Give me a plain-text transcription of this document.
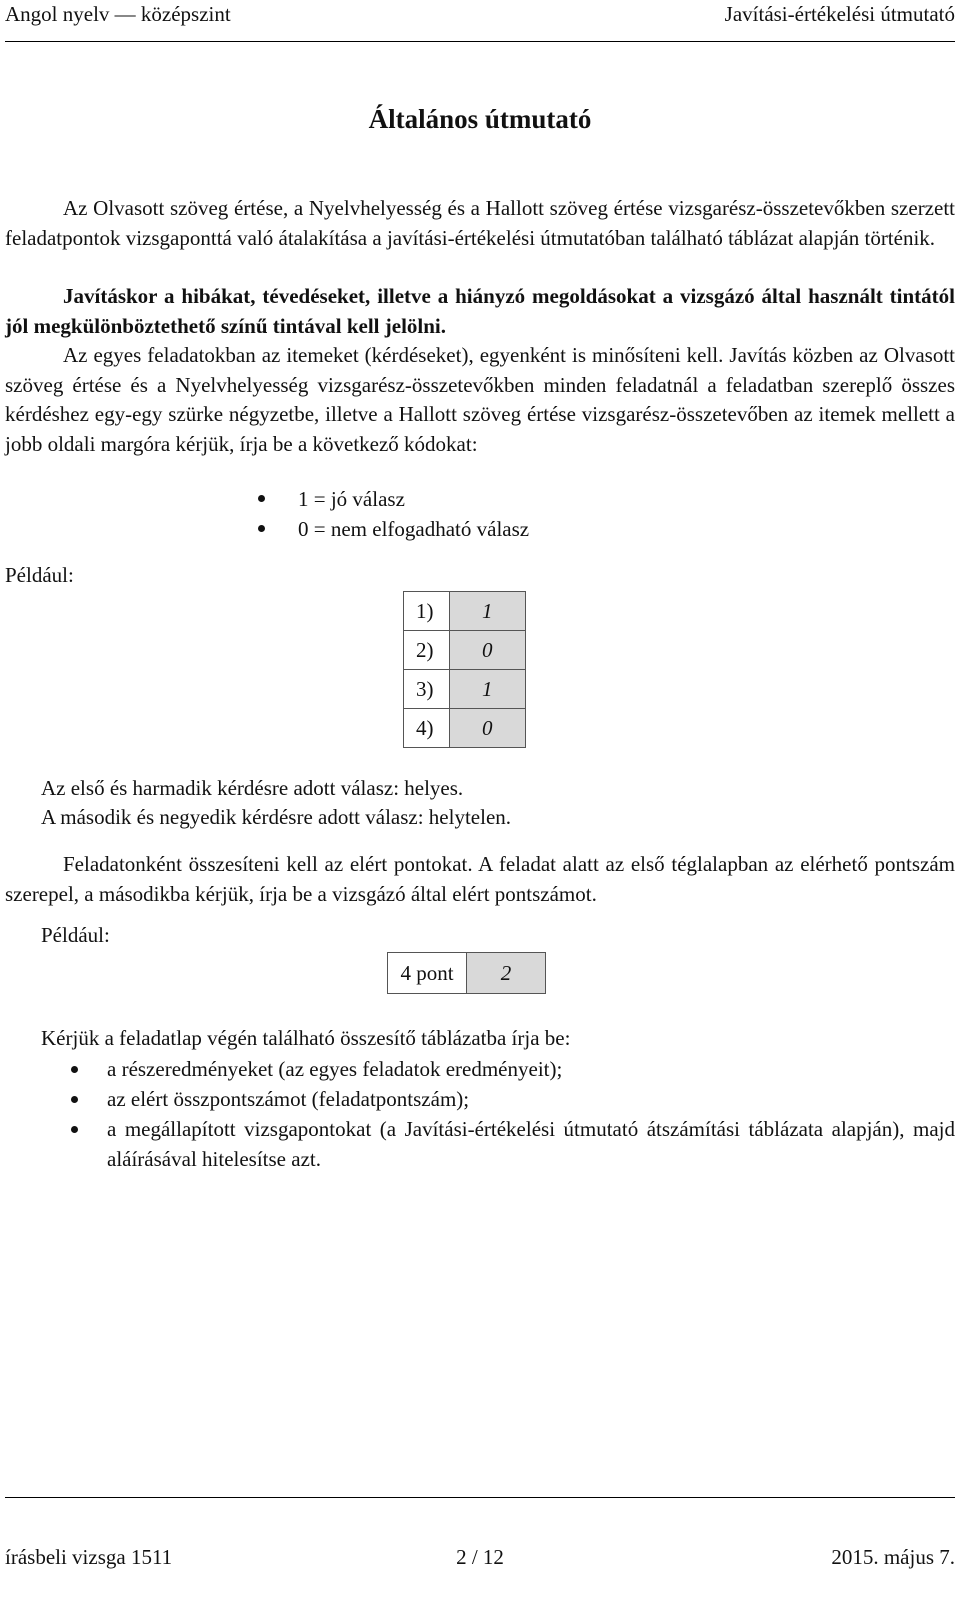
Angol nyelv — középszint	Javítási-értékelési útmutató
Általános útmutató

Az Olvasott szöveg értése, a Nyelvhelyesség és a Hallott szöveg értése vizsgarész-összetevőkben szerzett feladatpontok vizsgaponttá való átalakítása a javítási-értékelési útmutatóban található táblázat alapján történik.

Javításkor a hibákat, tévedéseket, illetve a hiányzó megoldásokat a vizsgázó által használt tintától jól megkülönböztethető színű tintával kell jelölni.

Az egyes feladatokban az itemeket (kérdéseket), egyenként is minősíteni kell. Javítás közben az Olvasott szöveg értése és a Nyelvhelyesség vizsgarész-összetevőkben minden feladatnál a feladatban szereplő összes kérdéshez egy-egy szürke négyzetbe, illetve a Hallott szöveg értése vizsgarész-összetevőben az itemek mellett a jobb oldali margóra kérjük, írja be a következő kódokat:

1 = jó válasz
0 = nem elfogadható válasz
Például:
1)	1
2)	0
3)	1
4)	0
Az első és harmadik kérdésre adott válasz: helyes.
A második és negyedik kérdésre adott válasz: helytelen.

Feladatonként összesíteni kell az elért pontokat. A feladat alatt az első téglalapban az elérhető pontszám szerepel, a másodikba kérjük, írja be a vizsgázó által elért pontszámot.

Például:
4 pont	2
Kérjük a feladatlap végén található összesítő táblázatba írja be:
a részeredményeket (az egyes feladatok eredményeit);
az elért összpontszámot (feladatpontszám);
a megállapított vizsgapontokat (a Javítási-értékelési útmutató átszámítási táblázata alapján), majd aláírásával hitelesítse azt.
írásbeli vizsga 1511	2 / 12	2015. május 7.
